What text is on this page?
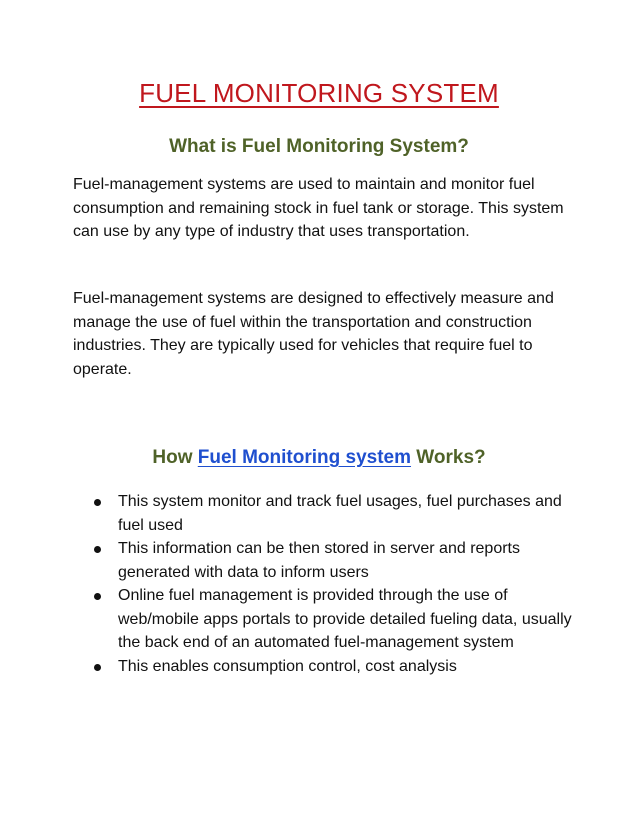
FUEL MONITORING SYSTEM
What is Fuel Monitoring System?
Fuel-management systems are used to maintain and monitor fuel consumption and remaining stock in fuel tank or storage. This system can use by any type of industry that uses transportation.
Fuel-management systems are designed to effectively measure and manage the use of fuel within the transportation and construction industries. They are typically used for vehicles that require fuel to operate.
How Fuel Monitoring system Works?
This system monitor and track fuel usages, fuel purchases and fuel used
This information can be then stored in server and reports generated with data to inform users
Online fuel management is provided through the use of web/mobile apps portals to provide detailed fueling data, usually the back end of an automated fuel-management system
This enables consumption control, cost analysis
